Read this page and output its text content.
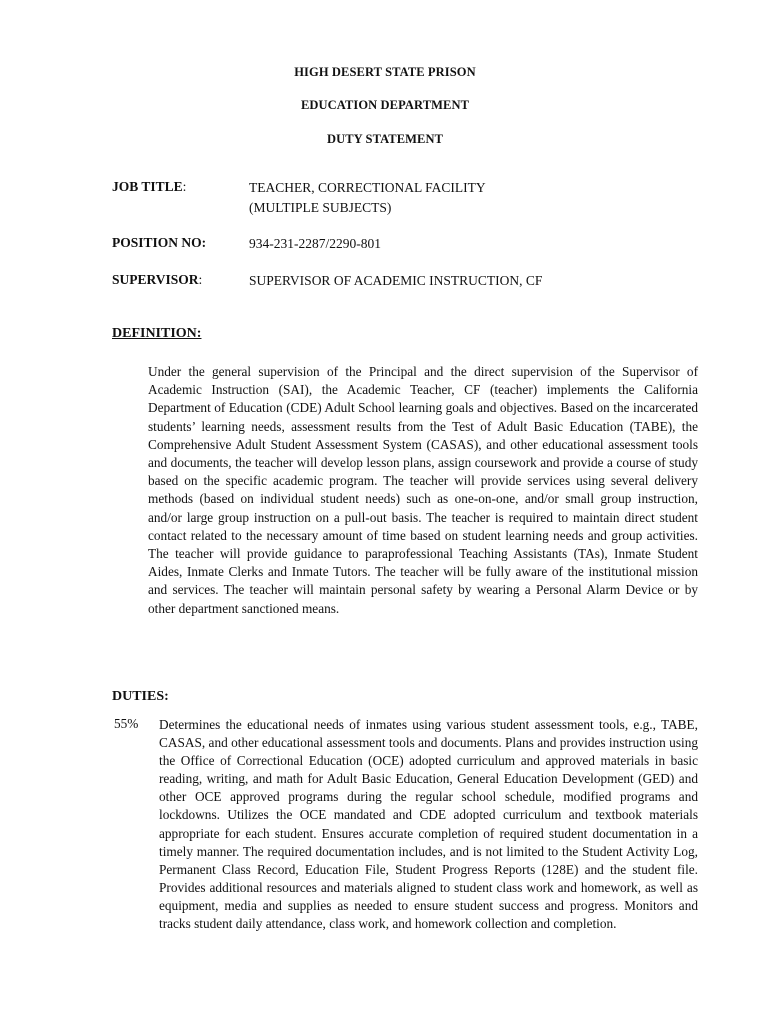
HIGH DESERT STATE PRISON
EDUCATION DEPARTMENT
DUTY STATEMENT
JOB TITLE:	TEACHER, CORRECTIONAL FACILITY
(MULTIPLE SUBJECTS)
POSITION NO:	934-231-2287/2290-801
SUPERVISOR:	SUPERVISOR OF ACADEMIC INSTRUCTION, CF
DEFINITION:
Under the general supervision of the Principal and the direct supervision of the Supervisor of Academic Instruction (SAI), the Academic Teacher, CF (teacher) implements the California Department of Education (CDE) Adult School learning goals and objectives. Based on the incarcerated students’ learning needs, assessment results from the Test of Adult Basic Education (TABE), the Comprehensive Adult Student Assessment System (CASAS), and other educational assessment tools and documents, the teacher will develop lesson plans, assign coursework and provide a course of study based on the specific academic program. The teacher will provide services using several delivery methods (based on individual student needs) such as one-on-one, and/or small group instruction, and/or large group instruction on a pull-out basis. The teacher is required to maintain direct student contact related to the necessary amount of time based on student learning needs and group activities. The teacher will provide guidance to paraprofessional Teaching Assistants (TAs), Inmate Student Aides, Inmate Clerks and Inmate Tutors. The teacher will be fully aware of the institutional mission and services. The teacher will maintain personal safety by wearing a Personal Alarm Device or by other department sanctioned means.
DUTIES:
55% Determines the educational needs of inmates using various student assessment tools, e.g., TABE, CASAS, and other educational assessment tools and documents. Plans and provides instruction using the Office of Correctional Education (OCE) adopted curriculum and approved materials in basic reading, writing, and math for Adult Basic Education, General Education Development (GED) and other OCE approved programs during the regular school schedule, modified programs and lockdowns. Utilizes the OCE mandated and CDE adopted curriculum and textbook materials appropriate for each student. Ensures accurate completion of required student documentation in a timely manner. The required documentation includes, and is not limited to the Student Activity Log, Permanent Class Record, Education File, Student Progress Reports (128E) and the student file. Provides additional resources and materials aligned to student class work and homework, as well as equipment, media and supplies as needed to ensure student success and progress. Monitors and tracks student daily attendance, class work, and homework collection and completion.
